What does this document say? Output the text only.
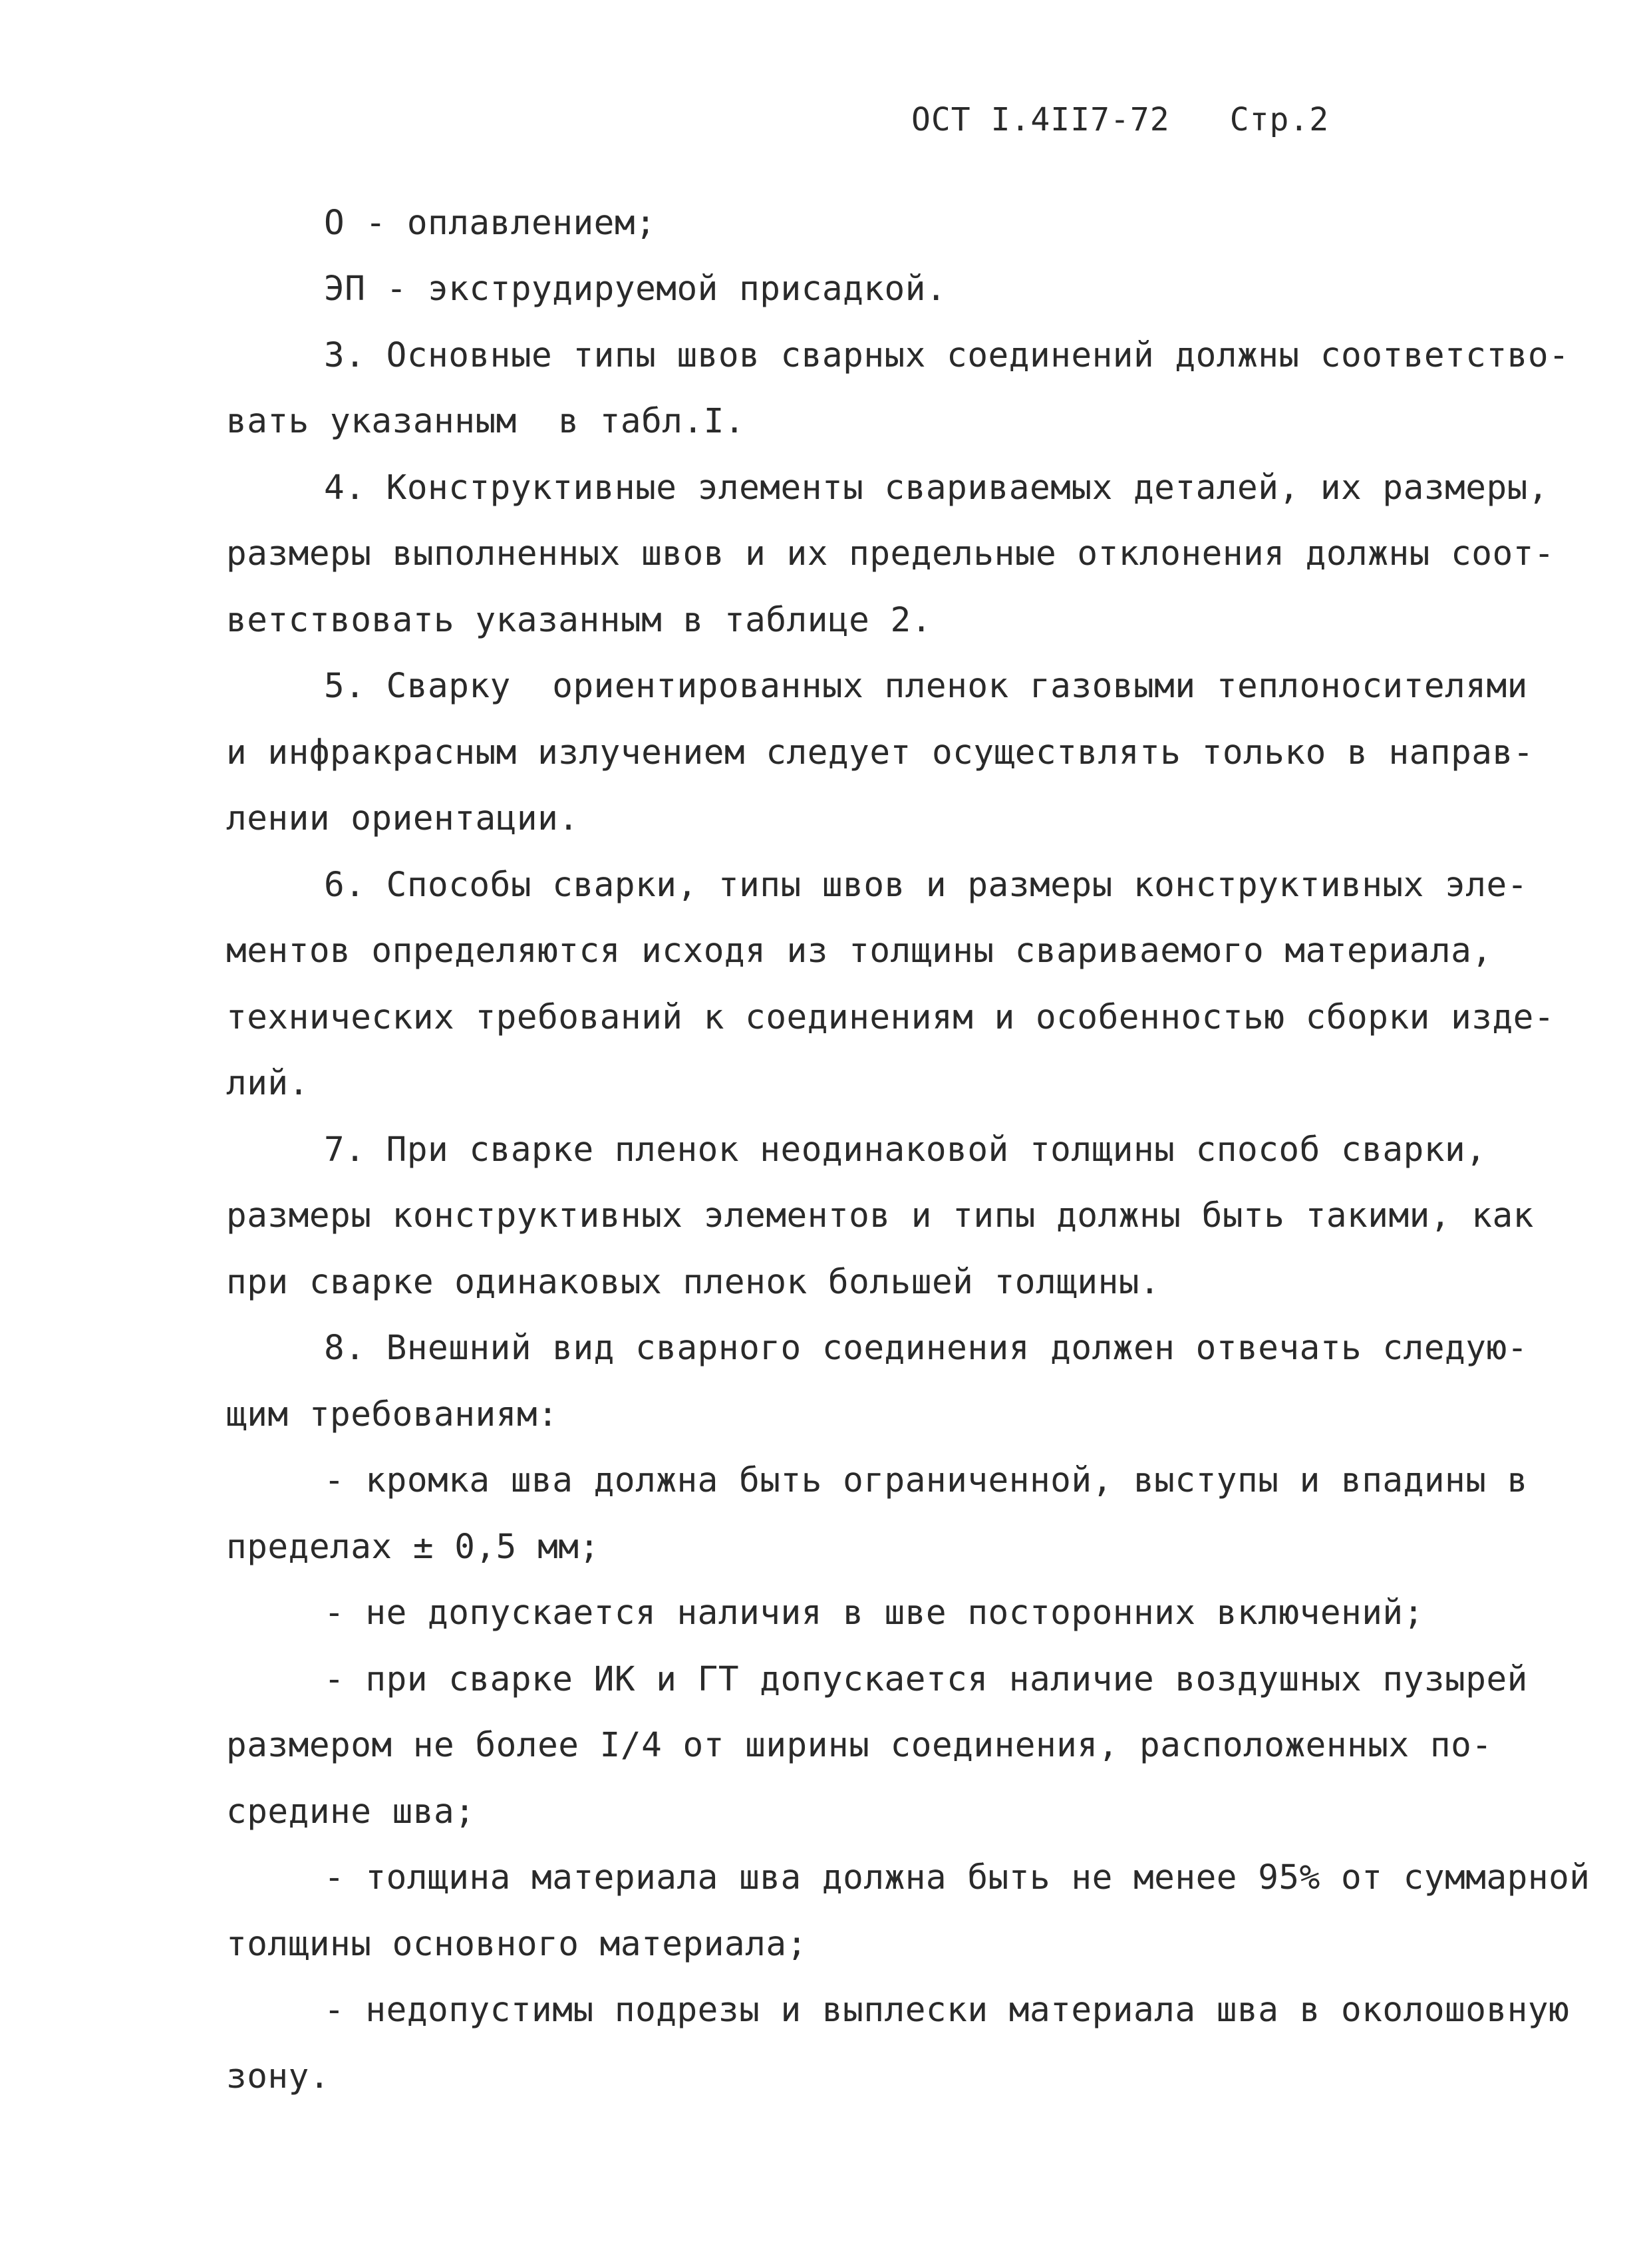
ОСТ I.4II7-72 Стр.2
О - оплавлением;
ЭП - экструдируемой присадкой.
3. Основные типы швов сварных соединений должны соответство-
вать указанным  в табл.I.
4. Конструктивные элементы свариваемых деталей, их размеры,
размеры выполненных швов и их предельные отклонения должны соот-
ветствовать указанным в таблице 2.
5. Сварку  ориентированных пленок газовыми теплоносителями
и инфракрасным излучением следует осуществлять только в направ-
лении ориентации.
6. Способы сварки, типы швов и размеры конструктивных эле-
ментов определяются исходя из толщины свариваемого материала,
технических требований к соединениям и особенностью сборки изде-
лий.
7. При сварке пленок неодинаковой толщины способ сварки,
размеры конструктивных элементов и типы должны быть такими, как
при сварке одинаковых пленок большей толщины.
8. Внешний вид сварного соединения должен отвечать следую-
щим требованиям:
- кромка шва должна быть ограниченной, выступы и впадины в
пределах ± 0,5 мм;
- не допускается наличия в шве посторонних включений;
- при сварке ИК и ГТ допускается наличие воздушных пузырей
размером не более I/4 от ширины соединения, расположенных по-
средине шва;
- толщина материала шва должна быть не менее 95% от суммарной
толщины основного материала;
- недопустимы подрезы и выплески материала шва в околошовную
зону.
